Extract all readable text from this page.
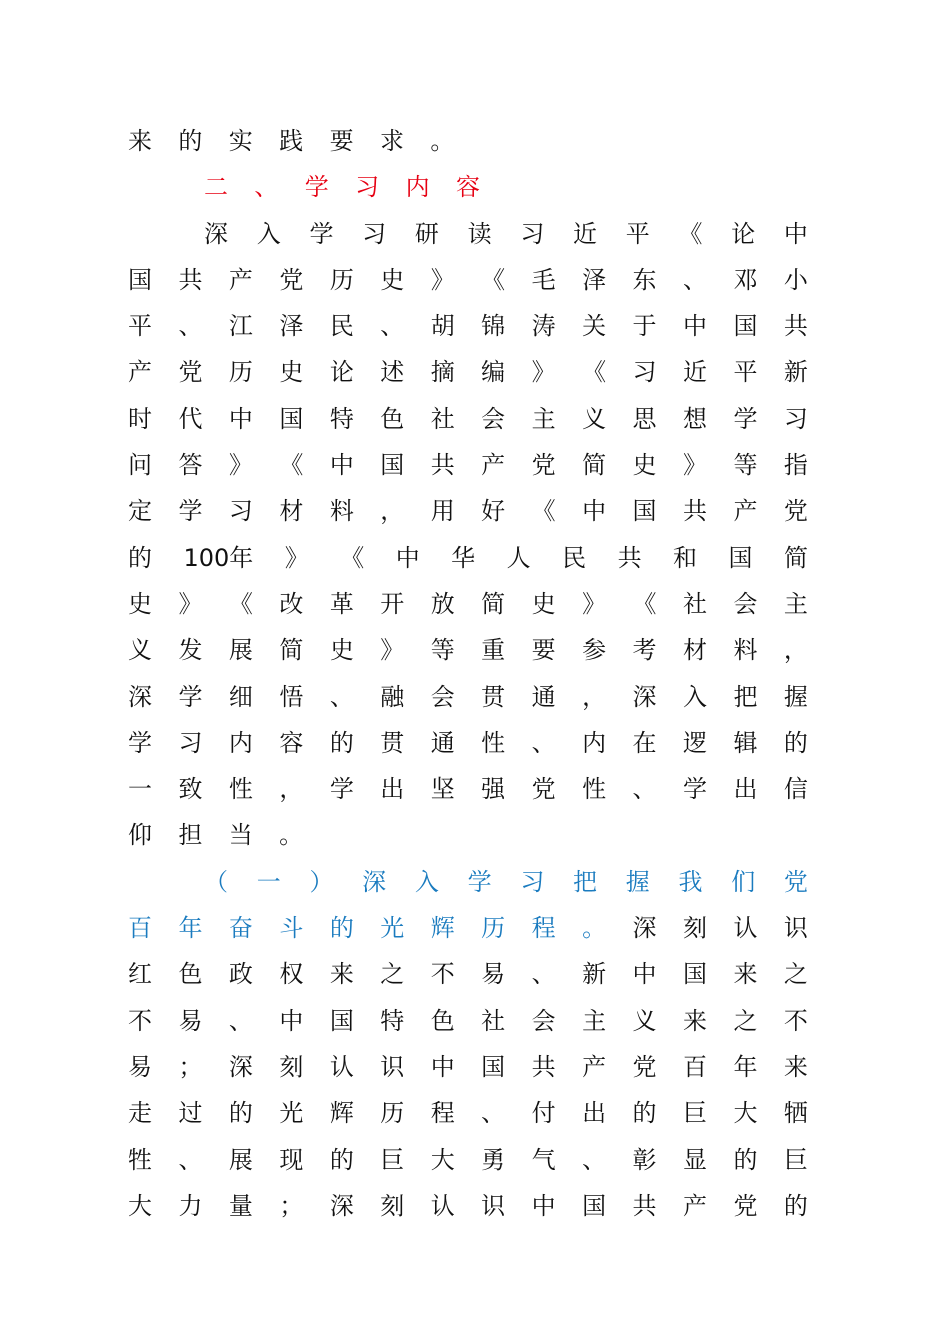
来 的 实 践 要 求 。
二 、 学 习 内 容
深 入 学 习 研 读 习 近 平 《 论 中
国 共 产 党 历 史 》 《 毛 泽 东 、 邓 小
平 、 江 泽 民 、 胡 锦 涛 关 于 中 国 共
产 党 历 史 论 述 摘 编 》 《 习 近 平 新
时 代 中 国 特 色 社 会 主 义 思 想 学 习
问 答 》 《 中 国 共 产 党 简 史 》 等 指
定 学 习 材 料 ， 用 好 《 中 国 共 产 党
的 100年 》 《 中 华 人 民 共 和 国 简
史 》 《 改 革 开 放 简 史 》 《 社 会 主
义 发 展 简 史 》 等 重 要 参 考 材 料 ，
深 学 细 悟 、 融 会 贯 通 ， 深 入 把 握
学 习 内 容 的 贯 通 性 、 内 在 逻 辑 的
一 致 性 ， 学 出 坚 强 党 性 、 学 出 信
仰 担 当 。
（ 一 ） 深 入 学 习 把 握 我 们 党
百 年 奋 斗 的 光 辉 历 程 。 深 刻 认 识
红 色 政 权 来 之 不 易 、 新 中 国 来 之
不 易 、 中 国 特 色 社 会 主 义 来 之 不
易 ； 深 刻 认 识 中 国 共 产 党 百 年 来
走 过 的 光 辉 历 程 、 付 出 的 巨 大 牺
牲 、 展 现 的 巨 大 勇 气 、 彰 显 的 巨
大 力 量 ； 深 刻 认 识 中 国 共 产 党 的
